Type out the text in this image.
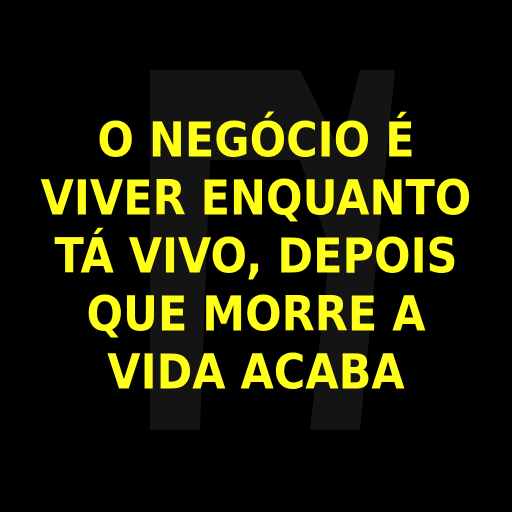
O NEGÓCIO É
VIVER ENQUANTO
TÁ VIVO, DEPOIS
QUE MORRE A
VIDA ACABA
